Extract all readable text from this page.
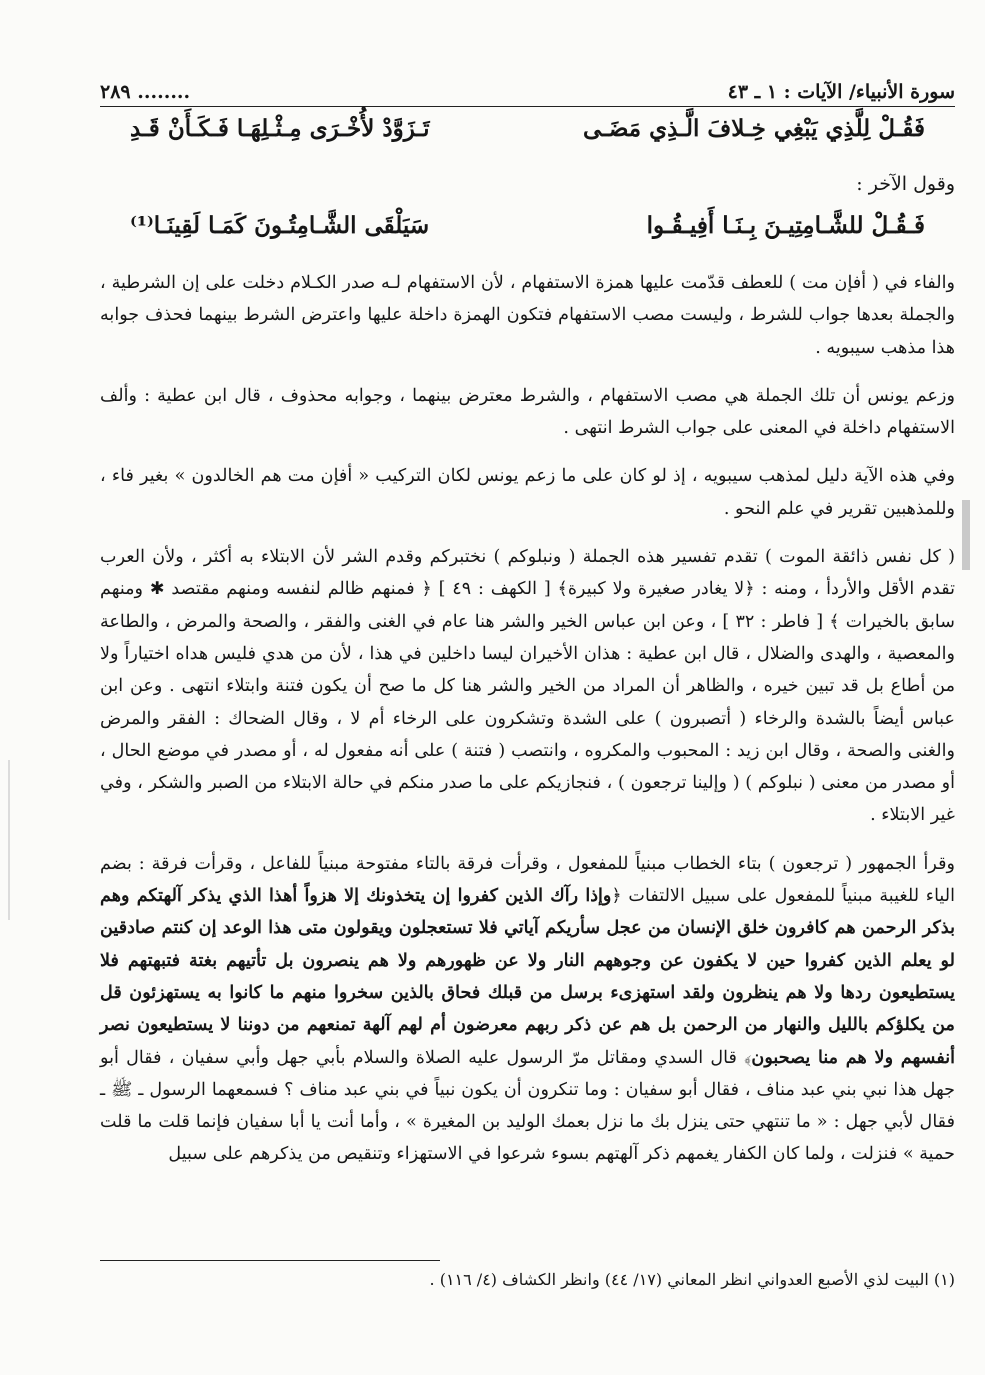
سورة الأنبياء/ الآيات : ١ ـ ٤٣
٢٨٩ ........
فَقُـلْ لِلَّذِي يَبْغِي خِـلافَ الَّـذِي مَضَـى
تَـزَوَّدْ لأُخْـرَى مِـثْـلِهَـا فَـكَـأَنْ قَـدِ
وقول الآخر :
فَـقُـلْ للشَّـامِتِيـنَ بِـنَـا أَفِيـقُـوا
سَيَلْقَى الشَّـامِتُـونَ كَمَـا لَقِينَـا⁽¹⁾

والفاء في ( أفإن مت ) للعطف قدّمت عليها همزة الاستفهام ، لأن الاستفهام لـه صدر الكـلام دخلت على إن الشرطية ، والجملة بعدها جواب للشرط ، وليست مصب الاستفهام فتكون الهمزة داخلة عليها واعترض الشرط بينهما فحذف جوابه هذا مذهب سيبويه .

وزعم يونس أن تلك الجملة هي مصب الاستفهام ، والشرط معترض بينهما ، وجوابه محذوف ، قال ابن عطية : وألف الاستفهام داخلة في المعنى على جواب الشرط انتهى .

وفي هذه الآية دليل لمذهب سيبويه ، إذ لو كان على ما زعم يونس لكان التركيب « أفإن مت هم الخالدون » بغير فاء ، وللمذهبين تقرير في علم النحو .

( كل نفس ذائقة الموت ) تقدم تفسير هذه الجملة ( ونبلوكم ) نختبركم وقدم الشر لأن الابتلاء به أكثر ، ولأن العرب تقدم الأقل والأردأ ، ومنه : ﴿لا يغادر صغيرة ولا كبيرة﴾ [ الكهف : ٤٩ ] ﴿ فمنهم ظالم لنفسه ومنهم مقتصد ✱ ومنهم سابق بالخيرات ﴾ [ فاطر : ٣٢ ] ، وعن ابن عباس الخير والشر هنا عام في الغنى والفقر ، والصحة والمرض ، والطاعة والمعصية ، والهدى والضلال ، قال ابن عطية : هذان الأخيران ليسا داخلين في هذا ، لأن من هدي فليس هداه اختياراً ولا من أطاع بل قد تبين خيره ، والظاهر أن المراد من الخير والشر هنا كل ما صح أن يكون فتنة وابتلاء انتهى . وعن ابن عباس أيضاً بالشدة والرخاء ( أتصبرون ) على الشدة وتشكرون على الرخاء أم لا ، وقال الضحاك : الفقر والمرض والغنى والصحة ، وقال ابن زيد : المحبوب والمكروه ، وانتصب ( فتنة ) على أنه مفعول له ، أو مصدر في موضع الحال ، أو مصدر من معنى ( نبلوكم ) ( وإلينا ترجعون ) ، فنجازيكم على ما صدر منكم في حالة الابتلاء من الصبر والشكر ، وفي غير الابتلاء .

وقرأ الجمهور ( ترجعون ) بتاء الخطاب مبنياً للمفعول ، وقرأت فرقة بالتاء مفتوحة مبنياً للفاعل ، وقرأت فرقة : بضم الياء للغيبة مبنياً للمفعول على سبيل الالتفات ﴿وإذا رآك الذين كفروا إن يتخذونك إلا هزواً أهذا الذي يذكر آلهتكم وهم بذكر الرحمن هم كافرون خلق الإنسان من عجل سأريكم آياتي فلا تستعجلون ويقولون متى هذا الوعد إن كنتم صادقين لو يعلم الذين كفروا حين لا يكفون عن وجوههم النار ولا عن ظهورهم ولا هم ينصرون بل تأتيهم بغتة فتبهتهم فلا يستطيعون ردها ولا هم ينظرون ولقد استهزىء برسل من قبلك فحاق بالذين سخروا منهم ما كانوا به يستهزئون قل من يكلؤكم بالليل والنهار من الرحمن بل هم عن ذكر ربهم معرضون أم لهم آلهة تمنعهم من دوننا لا يستطيعون نصر أنفسهم ولا هم منا يصحبون﴾ قال السدي ومقاتل مرّ الرسول عليه الصلاة والسلام بأبي جهل وأبي سفيان ، فقال أبو جهل هذا نبي بني عبد مناف ، فقال أبو سفيان : وما تنكرون أن يكون نبياً في بني عبد مناف ؟ فسمعهما الرسول ـ ﷺ ـ فقال لأبي جهل : « ما تنتهي حتى ينزل بك ما نزل بعمك الوليد بن المغيرة » ، وأما أنت يا أبا سفيان فإنما قلت ما قلت حمية » فنزلت ، ولما كان الكفار يغمهم ذكر آلهتهم بسوء شرعوا في الاستهزاء وتنقيص من يذكرهم على سبيل

(١) البيت لذي الأصبع العدواني انظر المعاني (١٧/ ٤٤) وانظر الكشاف (٤/ ١١٦) .
